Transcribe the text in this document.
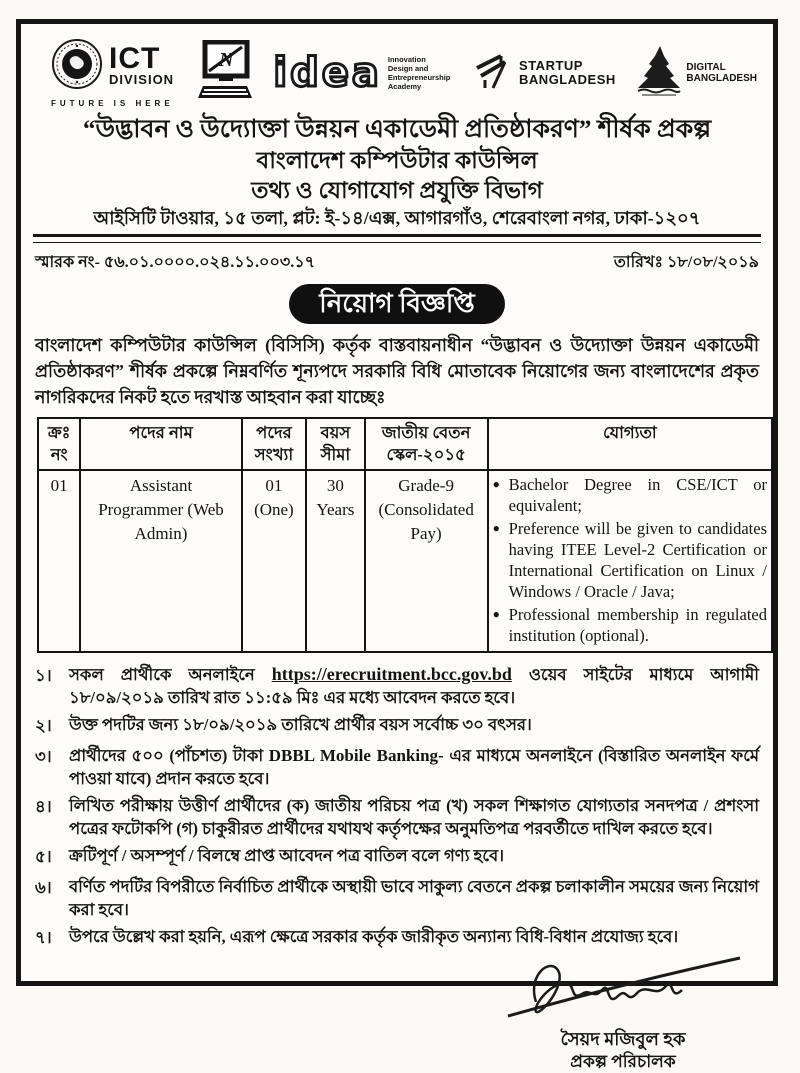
ICT
DIVISION
FUTURE IS HERE
N idea Innovation
Design and
Entrepreneurship
Academy
STARTUP
BANGLADESH
DIGITAL
BANGLADESH
“উদ্ভাবন ও উদ্যোক্তা উন্নয়ন একাডেমী প্রতিষ্ঠাকরণ” শীর্ষক প্রকল্প
বাংলাদেশ কম্পিউটার কাউন্সিল
তথ্য ও যোগাযোগ প্রযুক্তি বিভাগ
আইসিটি টাওয়ার, ১৫ তলা, প্লট: ই-১৪/এক্স, আগারগাঁও, শেরেবাংলা নগর, ঢাকা-১২০৭
স্মারক নং- ৫৬.০১.০০০০.০২৪.১১.০০৩.১৭	তারিখঃ ১৮/০৮/২০১৯
নিয়োগ বিজ্ঞপ্তি
বাংলাদেশ কম্পিউটার কাউন্সিল (বিসিসি) কর্তৃক বাস্তবায়নাধীন “উদ্ভাবন ও উদ্যোক্তা উন্নয়ন একাডেমী প্রতিষ্ঠাকরণ” শীর্ষক প্রকল্পে নিম্নবর্ণিত শূন্যপদে সরকারি বিধি মোতাবেক নিয়োগের জন্য বাংলাদেশের প্রকৃত নাগরিকদের নিকট হতে দরখাস্ত আহবান করা যাচ্ছেঃ
ক্রঃ নং	পদের নাম	পদের সংখ্যা	বয়স সীমা	জাতীয় বেতন স্কেল-২০১৫	যোগ্যতা
01	Assistant Programmer (Web Admin)	01 (One)	30 Years	Grade-9 (Consolidated Pay)	
● Bachelor Degree in CSE/ICT or equivalent;
● Preference will be given to candidates having ITEE Level-2 Certification or International Certification on Linux / Windows / Oracle / Java;
● Professional membership in regulated institution (optional).
১।	সকল প্রার্থীকে অনলাইনে https://erecruitment.bcc.gov.bd ওয়েব সাইটের মাধ্যমে আগামী ১৮/০৯/২০১৯ তারিখ রাত ১১:৫৯ মিঃ এর মধ্যে আবেদন করতে হবে।
২।	উক্ত পদটির জন্য ১৮/০৯/২০১৯ তারিখে প্রার্থীর বয়স সর্বোচ্চ ৩০ বৎসর।
৩।	প্রার্থীদের ৫০০ (পাঁচশত) টাকা DBBL Mobile Banking- এর মাধ্যমে অনলাইনে (বিস্তারিত অনলাইন ফর্মে পাওয়া যাবে) প্রদান করতে হবে।
৪।	লিখিত পরীক্ষায় উত্তীর্ণ প্রার্থীদের (ক) জাতীয় পরিচয় পত্র (খ) সকল শিক্ষাগত যোগ্যতার সনদপত্র / প্রশংসা পত্রের ফটোকপি (গ) চাকুরীরত প্রার্থীদের যথাযথ কর্তৃপক্ষের অনুমতিপত্র পরবর্তীতে দাখিল করতে হবে।
৫।	ক্রটিপূর্ণ / অসম্পূর্ণ / বিলম্বে প্রাপ্ত আবেদন পত্র বাতিল বলে গণ্য হবে।
৬।	বর্ণিত পদটির বিপরীতে নির্বাচিত প্রার্থীকে অস্থায়ী ভাবে সাকুল্য বেতনে প্রকল্প চলাকালীন সময়ের জন্য নিয়োগ করা হবে।
৭।	উপরে উল্লেখ করা হয়নি, এরূপ ক্ষেত্রে সরকার কর্তৃক জারীকৃত অন্যান্য বিধি-বিধান প্রযোজ্য হবে।
সৈয়দ মজিবুল হক
প্রকল্প পরিচালক
